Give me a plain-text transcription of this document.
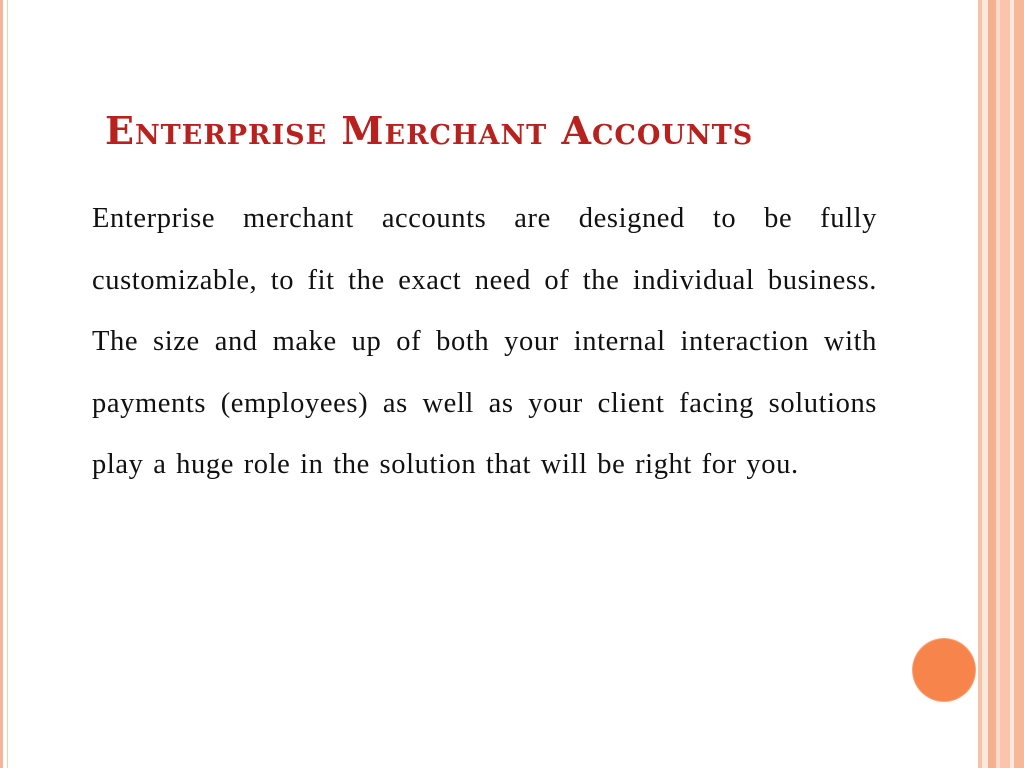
Enterprise Merchant Accounts

Enterprise merchant accounts are designed to be fully customizable, to fit the exact need of the individual business. The size and make up of both your internal interaction with payments (employees) as well as your client facing solutions play a huge role in the solution that will be right for you.
